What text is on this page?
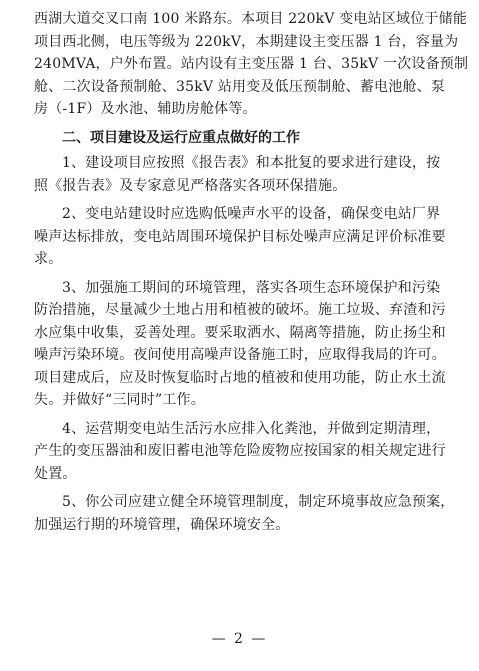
西湖大道交叉口南 100 米路东。本项目 220kV 变电站区域位于储能
项目西北侧，电压等级为 220kV，本期建设主变压器 1 台，容量为
240MVA，户外布置。站内设有主变压器 1 台、35kV 一次设备预制
舱、二次设备预制舱、35kV 站用变及低压预制舱、蓄电池舱、泵
房（-1F）及水池、辅助房舱体等。
二、项目建设及运行应重点做好的工作
1、建设项目应按照《报告表》和本批复的要求进行建设，按
照《报告表》及专家意见严格落实各项环保措施。
2、变电站建设时应选购低噪声水平的设备，确保变电站厂界
噪声达标排放，变电站周围环境保护目标处噪声应满足评价标准要
求。
3、加强施工期间的环境管理，落实各项生态环境保护和污染
防治措施，尽量减少土地占用和植被的破坏。施工垃圾、弃渣和污
水应集中收集，妥善处理。要采取洒水、隔离等措施，防止扬尘和
噪声污染环境。夜间使用高噪声设备施工时，应取得我局的许可。
项目建成后，应及时恢复临时占地的植被和使用功能，防止水土流
失。并做好“三同时”工作。
4、运营期变电站生活污水应排入化粪池，并做到定期清理，
产生的变压器油和废旧蓄电池等危险废物应按国家的相关规定进行
处置。
5、你公司应建立健全环境管理制度，制定环境事故应急预案，
加强运行期的环境管理，确保环境安全。
— 2 —
